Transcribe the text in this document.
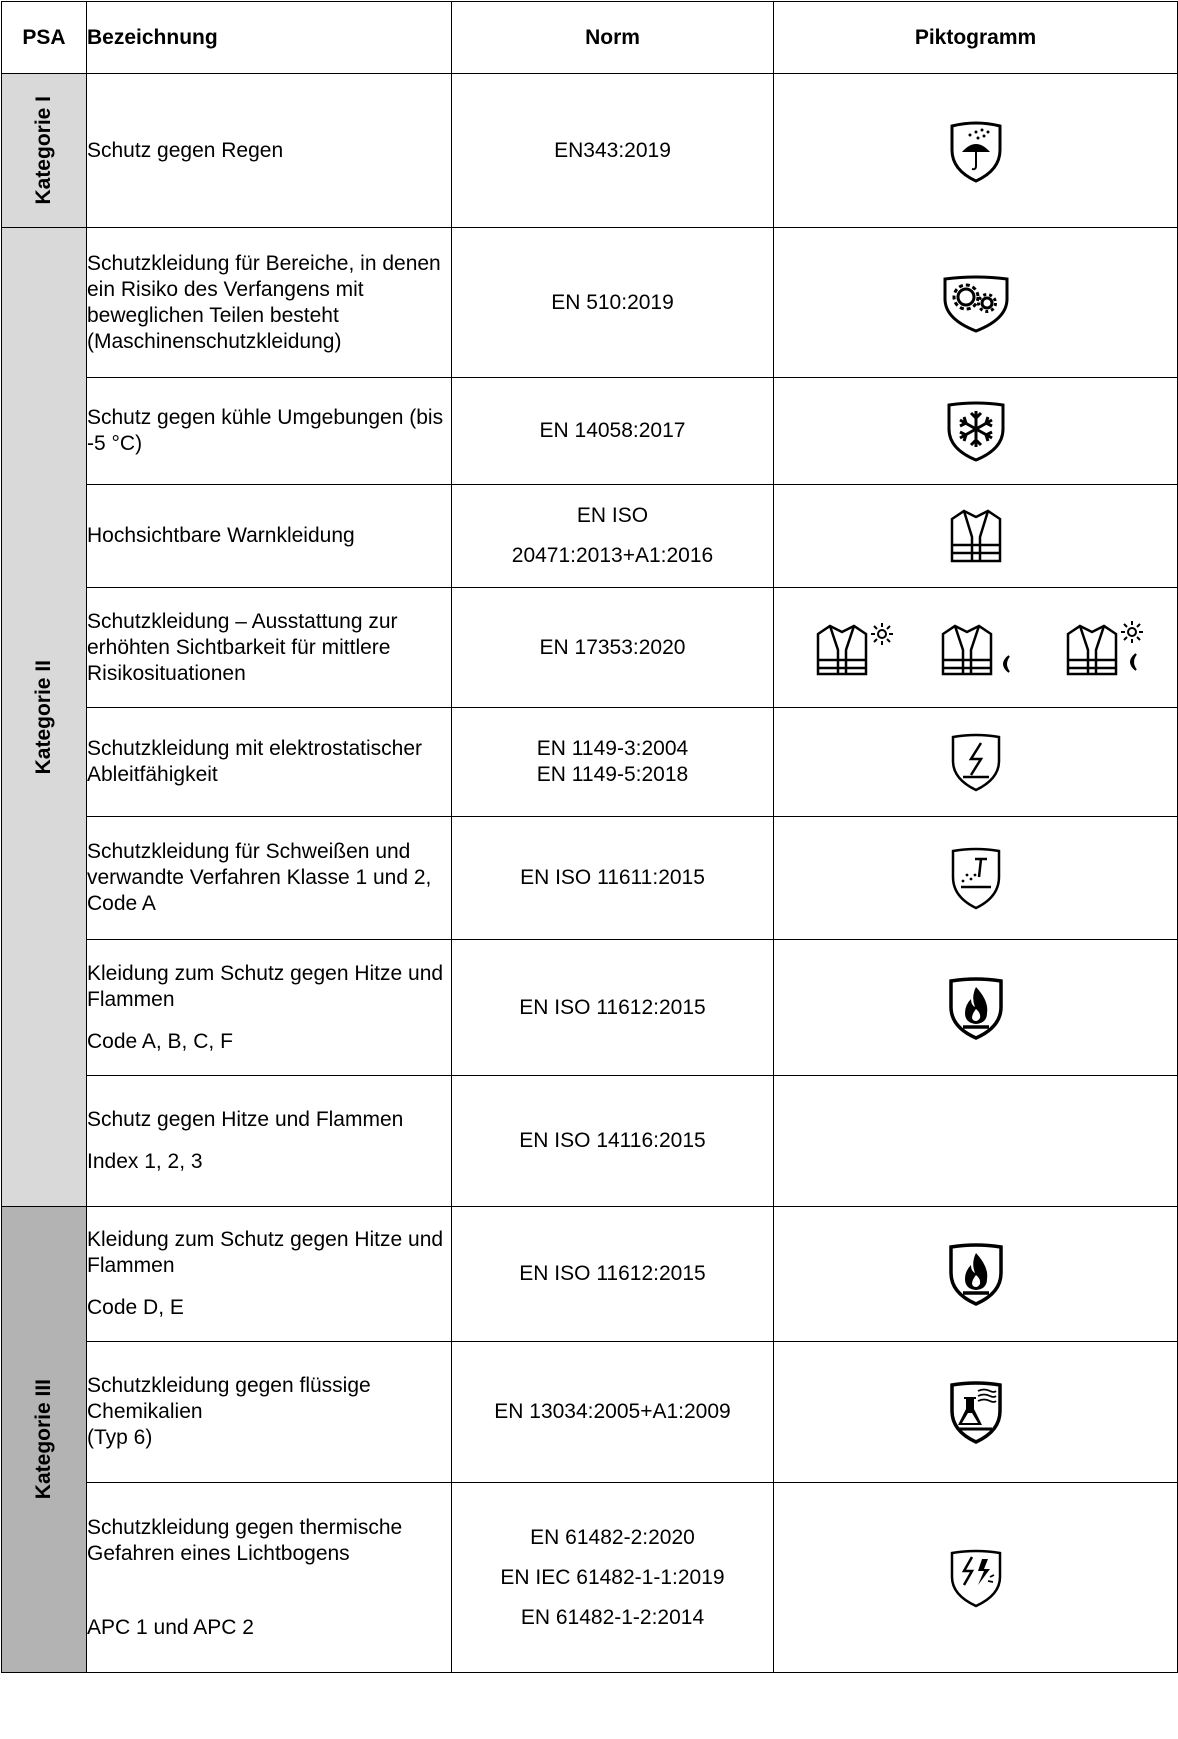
PSA	Bezeichnung	Norm	Piktogramm

Kategorie I	Schutz gegen Regen	EN343:2019

Kategorie II	Schutzkleidung für Bereiche, in denen ein Risiko des Verfangens mit beweglichen Teilen besteht (Maschinenschutzkleidung)	EN 510:2019

	Schutz gegen kühle Umgebungen (bis -5 °C)	EN 14058:2017

	Hochsichtbare Warnkleidung	EN ISO
20471:2013+A1:2016

	Schutzkleidung – Ausstattung zur erhöhten Sichtbarkeit für mittlere Risikosituationen	EN 17353:2020

	Schutzkleidung mit elektrostatischer Ableitfähigkeit	EN 1149-3:2004
EN 1149-5:2018

	Schutzkleidung für Schweißen und verwandte Verfahren Klasse 1 und 2, Code A	EN ISO 11611:2015

	Kleidung zum Schutz gegen Hitze und Flammen
Code A, B, C, F	EN ISO 11612:2015

	Schutz gegen Hitze und Flammen
Index 1, 2, 3	EN ISO 14116:2015	

Kategorie III	Kleidung zum Schutz gegen Hitze und Flammen
Code D, E	EN ISO 11612:2015

	Schutzkleidung gegen flüssige Chemikalien
(Typ 6)	EN 13034:2005+A1:2009

	Schutzkleidung gegen thermische Gefahren eines Lichtbogens
APC 1 und APC 2	EN 61482-2:2020
EN IEC 61482-1-1:2019
EN 61482-1-2:2014
